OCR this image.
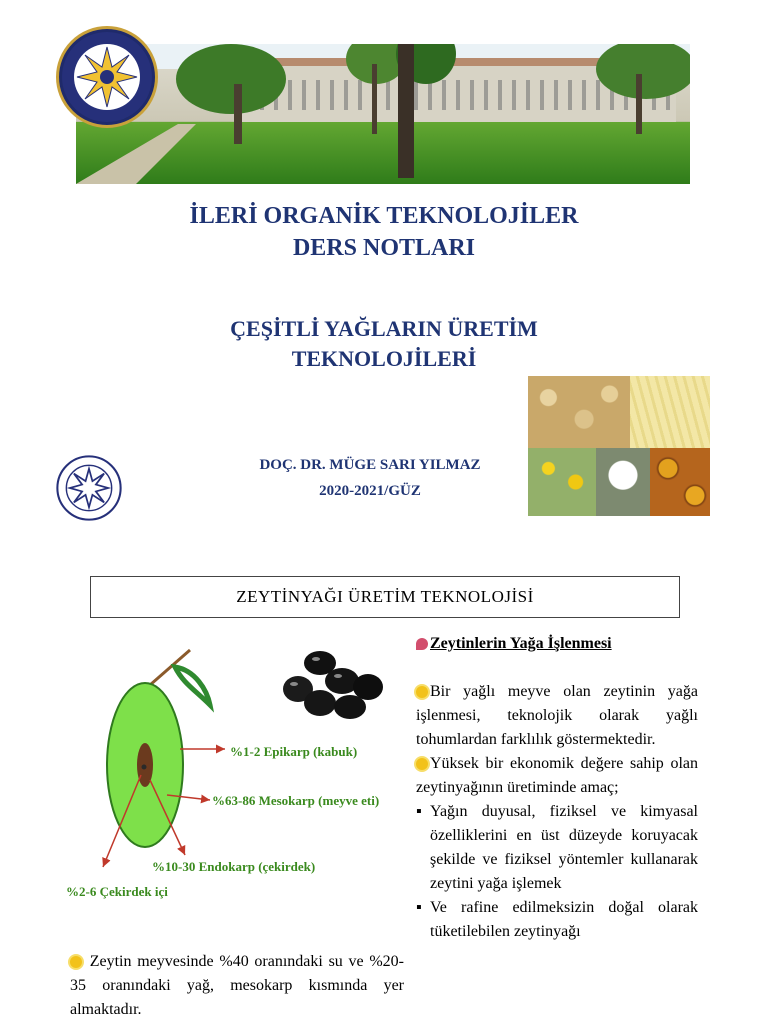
İLERİ ORGANİK TEKNOLOJİLER
DERS NOTLARI
ÇEŞİTLİ YAĞLARIN ÜRETİM
TEKNOLOJİLERİ
DOÇ. DR. MÜGE SARI YILMAZ
2020-2021/GÜZ
ZEYTİNYAĞI ÜRETİM TEKNOLOJİSİ
%1-2 Epikarp (kabuk)
%63-86 Mesokarp (meyve eti)
%10-30 Endokarp (çekirdek)
%2-6 Çekirdek içi
Zeytin meyvesinde %40 oranındaki su ve %20-35 oranındaki yağ, mesokarp kısmında yer almaktadır.

Zeytinlerin Yağa İşlenmesi

Bir yağlı meyve olan zeytinin yağa işlenmesi, teknolojik olarak yağlı tohumlardan farklılık göstermektedir.

Yüksek bir ekonomik değere sahip olan zeytinyağının üretiminde amaç;

▪ Yağın duyusal, fiziksel ve kimyasal özelliklerini en üst düzeyde koruyacak şekilde ve fiziksel yöntemler kullanarak zeytini yağa işlemek
▪ Ve rafine edilmeksizin doğal olarak tüketilebilen zeytinyağı
